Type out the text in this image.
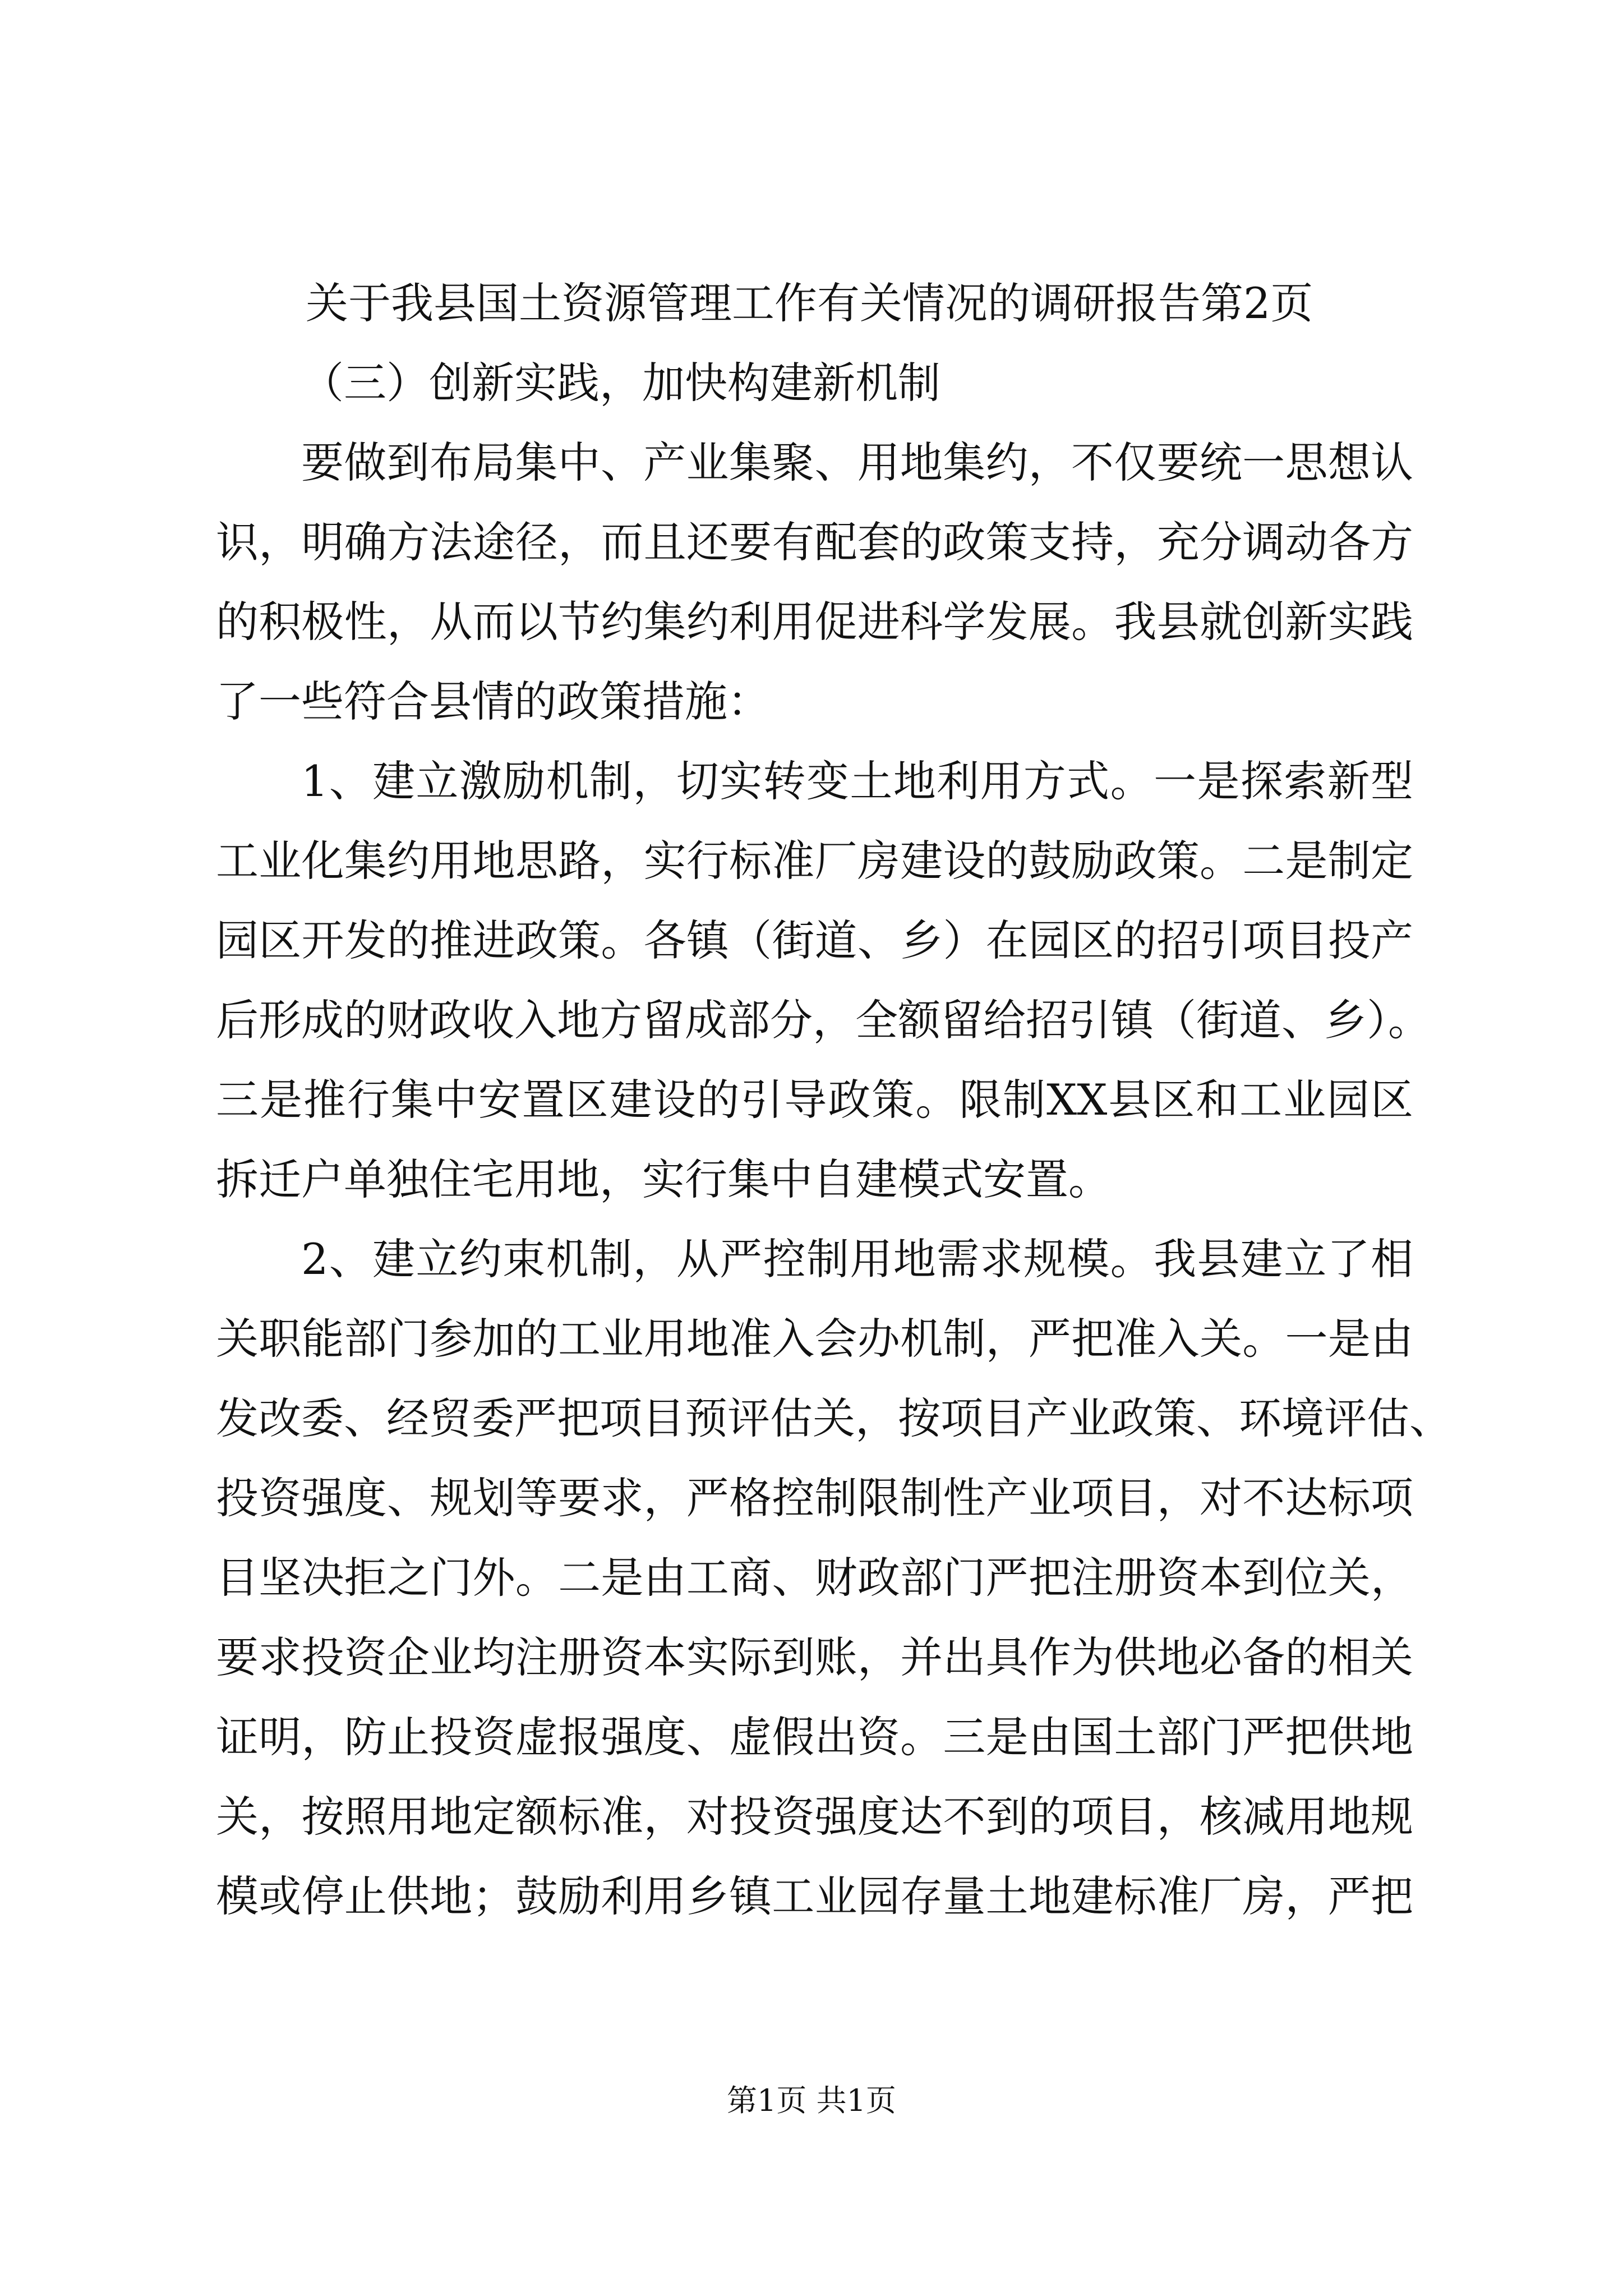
关于我县国土资源管理工作有关情况的调研报告第2页
（三）创新实践，加快构建新机制
要做到布局集中、产业集聚、用地集约，不仅要统一思想认
识，明确方法途径，而且还要有配套的政策支持，充分调动各方
的积极性，从而以节约集约利用促进科学发展。我县就创新实践
了一些符合县情的政策措施：
1、建立激励机制，切实转变土地利用方式。一是探索新型
工业化集约用地思路，实行标准厂房建设的鼓励政策。二是制定
园区开发的推进政策。各镇（街道、乡）在园区的招引项目投产
后形成的财政收入地方留成部分，全额留给招引镇（街道、乡）。
三是推行集中安置区建设的引导政策。限制XX县区和工业园区
拆迁户单独住宅用地，实行集中自建模式安置。
2、建立约束机制，从严控制用地需求规模。我县建立了相
关职能部门参加的工业用地准入会办机制，严把准入关。一是由
发改委、经贸委严把项目预评估关，按项目产业政策、环境评估、
投资强度、规划等要求，严格控制限制性产业项目，对不达标项
目坚决拒之门外。二是由工商、财政部门严把注册资本到位关，
要求投资企业均注册资本实际到账，并出具作为供地必备的相关
证明，防止投资虚报强度、虚假出资。三是由国土部门严把供地
关，按照用地定额标准，对投资强度达不到的项目，核减用地规
模或停止供地；鼓励利用乡镇工业园存量土地建标准厂房，严把
第1页 共1页
